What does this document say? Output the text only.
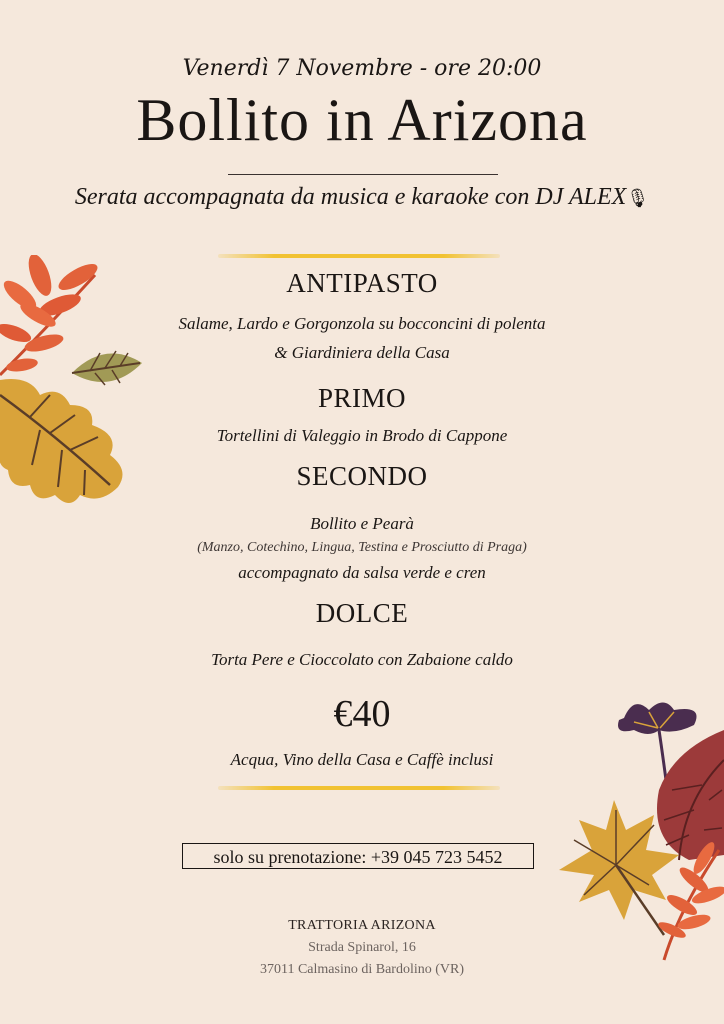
Venerdì 7 Novembre - ore 20:00
Bollito in Arizona
Serata accompagnata da musica e karaoke con DJ ALEX🎙
ANTIPASTO
Salame, Lardo e Gorgonzola su bocconcini di polenta
& Giardiniera della Casa
PRIMO
Tortellini di Valeggio in Brodo di Cappone
SECONDO
Bollito e Pearà
(Manzo, Cotechino, Lingua, Testina e Prosciutto di Praga)
accompagnato da salsa verde e cren
DOLCE
Torta Pere e Cioccolato con Zabaione caldo
€40
Acqua, Vino della Casa e Caffè inclusi
solo su prenotazione: +39 045 723 5452
TRATTORIA ARIZONA
Strada Spinarol, 16
37011 Calmasino di Bardolino (VR)
